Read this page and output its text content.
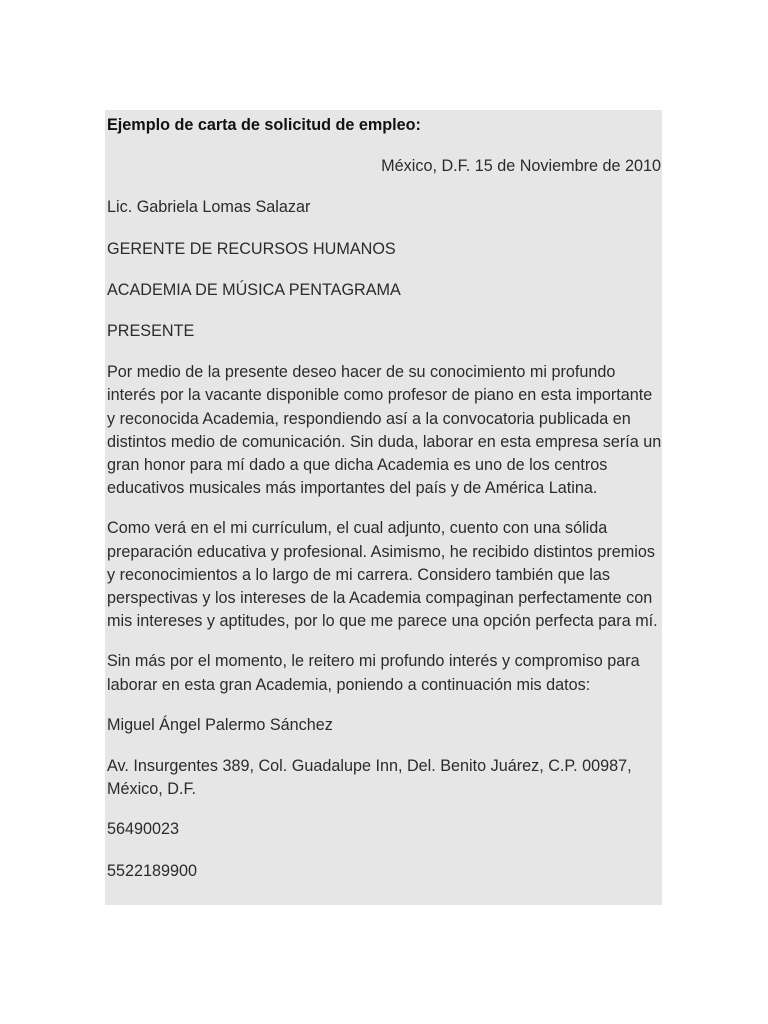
Ejemplo de carta de solicitud de empleo:

México, D.F. 15 de Noviembre de 2010

Lic. Gabriela Lomas Salazar

GERENTE DE RECURSOS HUMANOS

ACADEMIA DE MÚSICA PENTAGRAMA

PRESENTE

Por medio de la presente deseo hacer de su conocimiento mi profundo interés por la vacante disponible como profesor de piano en esta importante y reconocida Academia, respondiendo así a la convocatoria publicada en distintos medio de comunicación. Sin duda, laborar en esta empresa sería un gran honor para mí dado a que dicha Academia es uno de los centros educativos musicales más importantes del país y de América Latina.

Como verá en el mi currículum, el cual adjunto, cuento con una sólida preparación educativa y profesional. Asimismo, he recibido distintos premios y reconocimientos a lo largo de mi carrera. Considero también que las perspectivas y los intereses de la Academia compaginan perfectamente con mis intereses y aptitudes, por lo que me parece una opción perfecta para mí.

Sin más por el momento, le reitero mi profundo interés y compromiso para laborar en esta gran Academia, poniendo a continuación mis datos:

Miguel Ángel Palermo Sánchez

Av. Insurgentes 389, Col. Guadalupe Inn, Del. Benito Juárez, C.P. 00987, México, D.F.

56490023

5522189900
